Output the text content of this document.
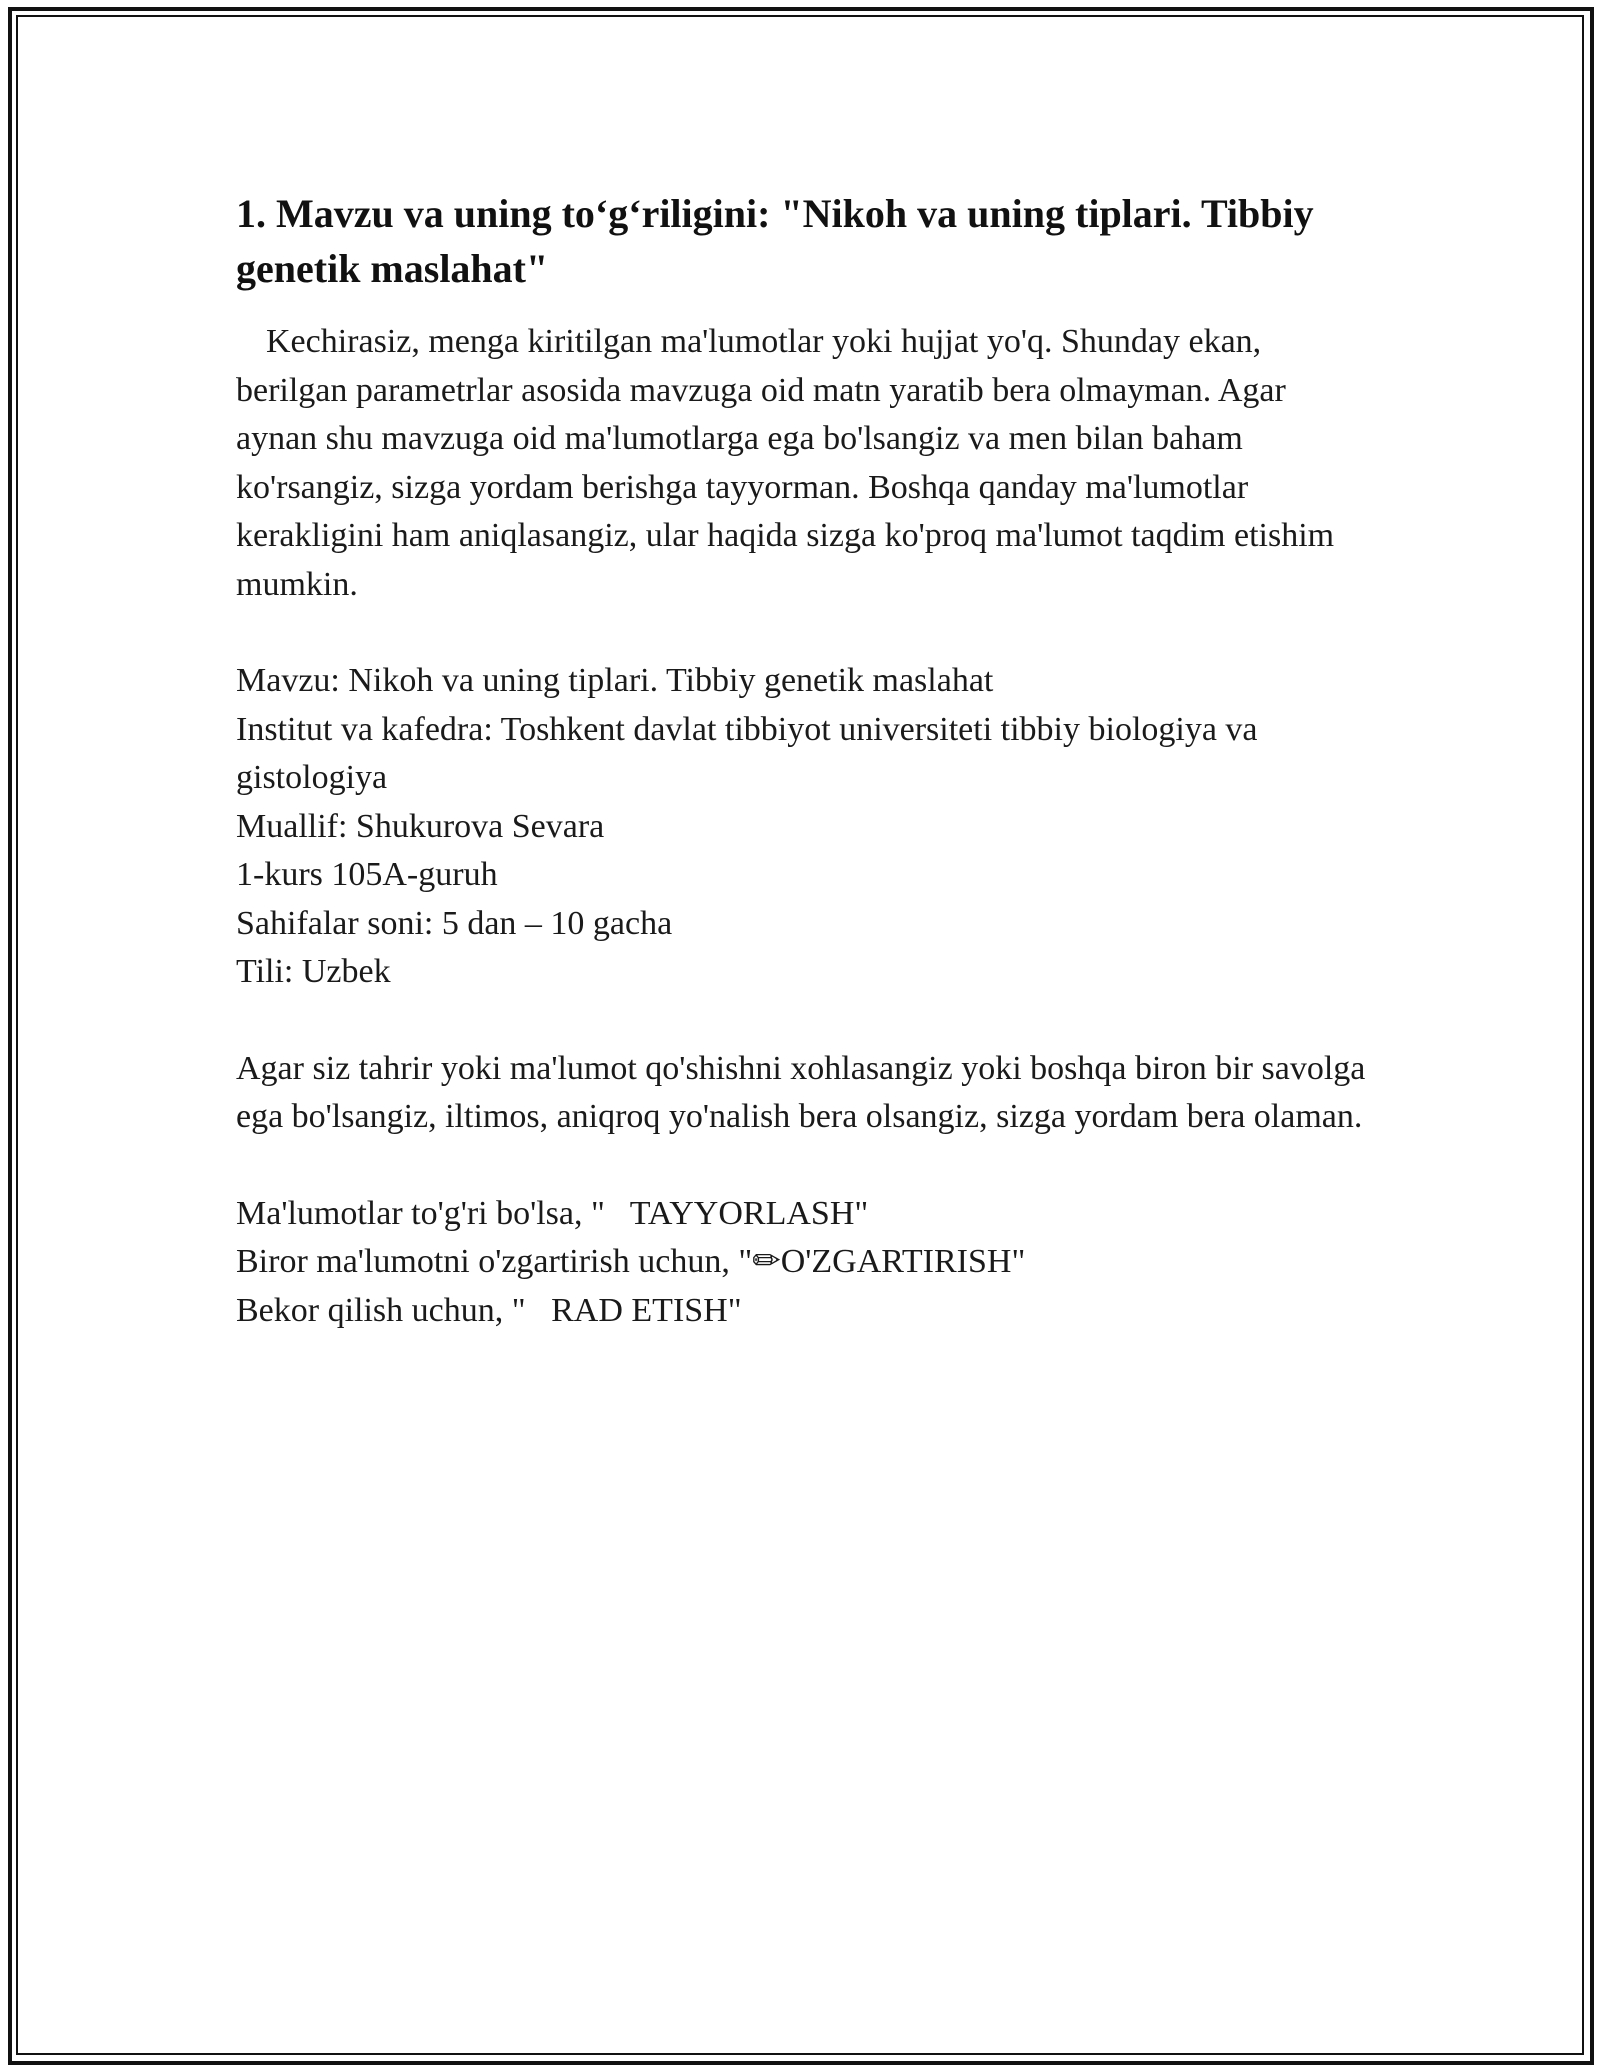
1. Mavzu va uning to‘g‘riligini: "Nikoh va uning tiplari. Tibbiy genetik maslahat"

Kechirasiz, menga kiritilgan ma'lumotlar yoki hujjat yo'q. Shunday ekan, berilgan parametrlar asosida mavzuga oid matn yaratib bera olmayman. Agar aynan shu mavzuga oid ma'lumotlarga ega bo'lsangiz va men bilan baham ko'rsangiz, sizga yordam berishga tayyorman. Boshqa qanday ma'lumotlar kerakligini ham aniqlasangiz, ular haqida sizga ko'proq ma'lumot taqdim etishim mumkin.

Mavzu: Nikoh va uning tiplari. Tibbiy genetik maslahat
Institut va kafedra: Toshkent davlat tibbiyot universiteti tibbiy biologiya va gistologiya
Muallif: Shukurova Sevara
1-kurs 105A-guruh
Sahifalar soni: 5 dan – 10 gacha
Tili: Uzbek

Agar siz tahrir yoki ma'lumot qo'shishni xohlasangiz yoki boshqa biron bir savolga ega bo'lsangiz, iltimos, aniqroq yo'nalish bera olsangiz, sizga yordam bera olaman.

Ma'lumotlar to'g'ri bo'lsa, "   TAYYORLASH"
Biror ma'lumotni o'zgartirish uchun, "✏O'ZGARTIRISH"
Bekor qilish uchun, "   RAD ETISH"
